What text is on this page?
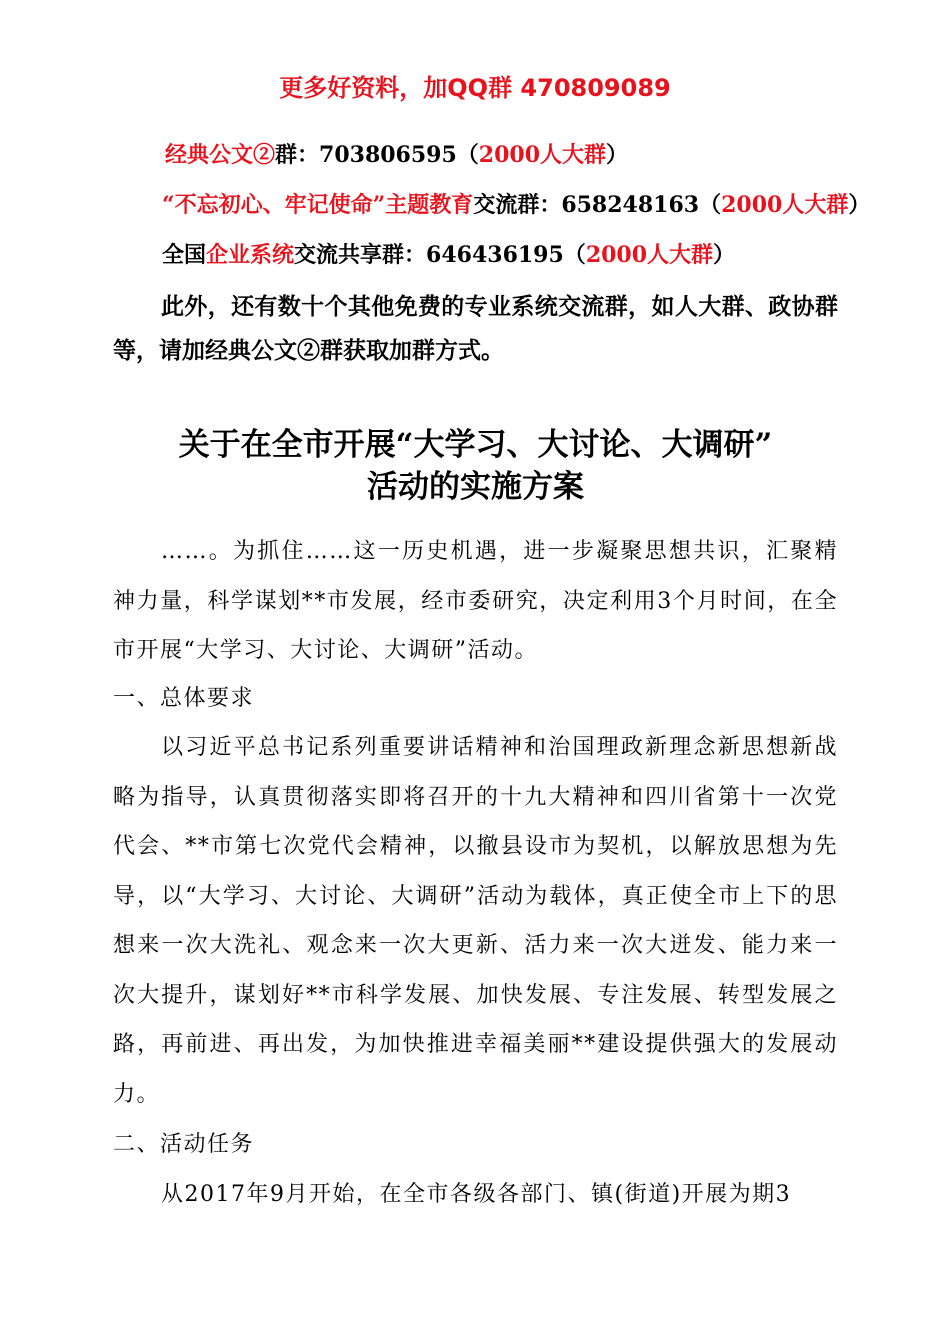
更多好资料，加QQ群 470809089
经典公文②群：703806595（2000人大群）
“不忘初心、牢记使命”主题教育交流群：658248163（2000人大群）
全国企业系统交流共享群：646436195（2000人大群）
此外，还有数十个其他免费的专业系统交流群，如人大群、政协群等，请加经典公文②群获取加群方式。
关于在全市开展“大学习、大讨论、大调研”
活动的实施方案
……。为抓住……这一历史机遇，进一步凝聚思想共识，汇聚精神力量，科学谋划**市发展，经市委研究，决定利用3个月时间，在全市开展“大学习、大讨论、大调研”活动。
一、总体要求
以习近平总书记系列重要讲话精神和治国理政新理念新思想新战略为指导，认真贯彻落实即将召开的十九大精神和四川省第十一次党代会、**市第七次党代会精神，以撤县设市为契机，以解放思想为先导，以“大学习、大讨论、大调研”活动为载体，真正使全市上下的思想来一次大洗礼、观念来一次大更新、活力来一次大迸发、能力来一次大提升，谋划好**市科学发展、加快发展、专注发展、转型发展之路，再前进、再出发，为加快推进幸福美丽**建设提供强大的发展动力。
二、活动任务
从2017年9月开始，在全市各级各部门、镇(街道)开展为期3
